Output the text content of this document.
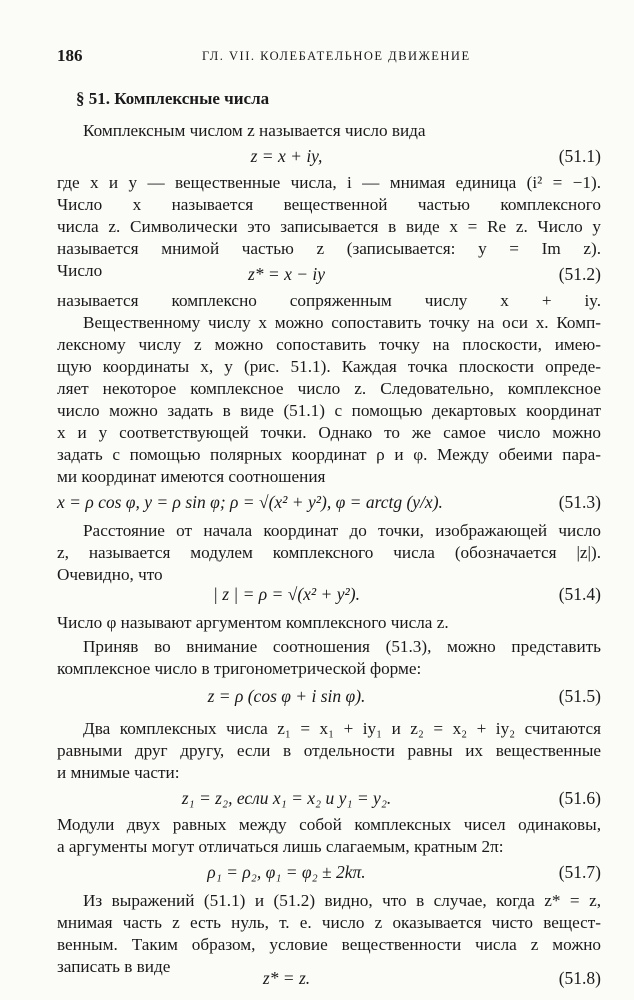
186	ГЛ. VII. КОЛЕБАТЕЛЬНОЕ ДВИЖЕНИЕ
§ 51. Комплексные числа
Комплексным числом z называется число вида
z = x + iy,	(51.1)
где x и y — вещественные числа, i — мнимая единица (i² = −1).
Число x называется вещественной частью комплексного
числа z. Символически это записывается в виде x = Re z. Число y
называется мнимой частью z (записывается: y = Im z).
Число	z* = x − iy	(51.2)
называется комплексно сопряженным числу x + iy.
Вещественному числу x можно сопоставить точку на оси x. Комп-
лексному числу z можно сопоставить точку на плоскости, имею-
щую координаты x, y (рис. 51.1). Каждая точка плоскости опреде-
ляет некоторое комплексное число z. Следовательно, комплексное
число можно задать в виде (51.1) с помощью декартовых координат
x и y соответствующей точки. Однако то же самое число можно
задать с помощью полярных координат ρ и φ. Между обеими пара-
ми координат имеются соотношения
x = ρ cos φ, y = ρ sin φ; ρ = √(x² + y²), φ = arctg (y/x).	(51.3)
Расстояние от начала координат до точки, изображающей число
z, называется модулем комплексного числа (обозначается |z|).
Очевидно, что
| z | = ρ = √(x² + y²).	(51.4)
Число φ называют аргументом комплексного числа z.
Приняв во внимание соотношения (51.3), можно представить
комплексное число в тригонометрической форме:
z = ρ (cos φ + i sin φ).	(51.5)
Два комплексных числа z₁ = x₁ + iy₁ и z₂ = x₂ + iy₂ считаются
равными друг другу, если в отдельности равны их вещественные
и мнимые части:
z₁ = z₂, если x₁ = x₂ и y₁ = y₂.	(51.6)
Модули двух равных между собой комплексных чисел одинаковы,
а аргументы могут отличаться лишь слагаемым, кратным 2π:
ρ₁ = ρ₂, φ₁ = φ₂ ± 2kπ.	(51.7)
Из выражений (51.1) и (51.2) видно, что в случае, когда z* = z,
мнимая часть z есть нуль, т. е. число z оказывается чисто вещест-
венным. Таким образом, условие вещественности числа z можно
записать в виде
z* = z.	(51.8)
